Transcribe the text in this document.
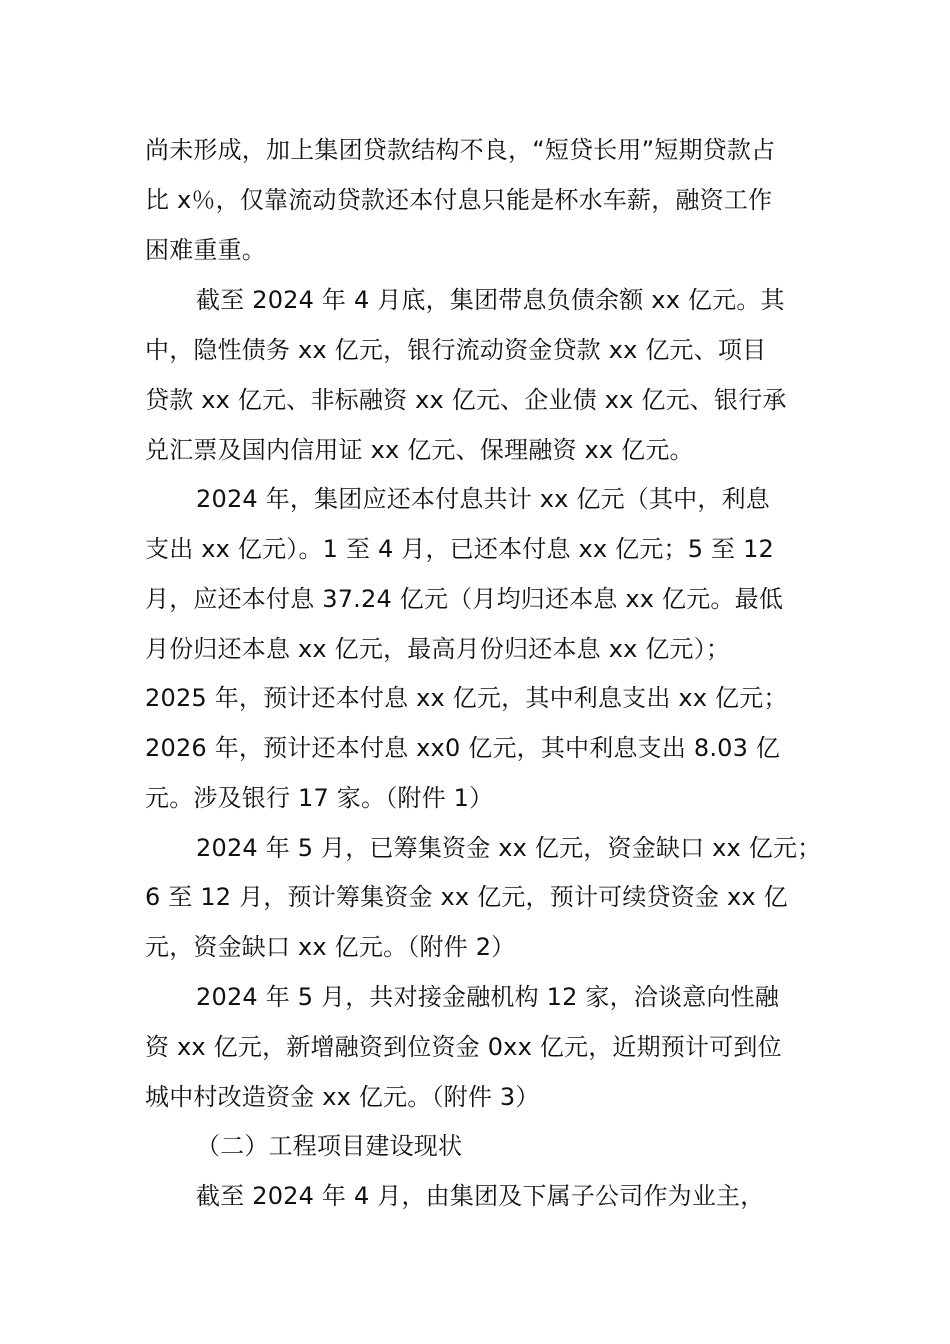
尚未形成，加上集团贷款结构不良，“短贷长用”短期贷款占
比 x％，仅靠流动贷款还本付息只能是杯水车薪，融资工作
困难重重。
截至 2024 年 4 月底，集团带息负债余额 xx 亿元。其
中，隐性债务 xx 亿元，银行流动资金贷款 xx 亿元、项目
贷款 xx 亿元、非标融资 xx 亿元、企业债 xx 亿元、银行承
兑汇票及国内信用证 xx 亿元、保理融资 xx 亿元。
2024 年，集团应还本付息共计 xx 亿元（其中，利息
支出 xx 亿元）。1 至 4 月，已还本付息 xx 亿元；5 至 12
月，应还本付息 37.24 亿元（月均归还本息 xx 亿元。最低
月份归还本息 xx 亿元，最高月份归还本息 xx 亿元）；
2025 年，预计还本付息 xx 亿元，其中利息支出 xx 亿元；
2026 年，预计还本付息 xx0 亿元，其中利息支出 8.03 亿
元。涉及银行 17 家。（附件 1）
2024 年 5 月，已筹集资金 xx 亿元，资金缺口 xx 亿元；
6 至 12 月，预计筹集资金 xx 亿元，预计可续贷资金 xx 亿
元，资金缺口 xx 亿元。（附件 2）
2024 年 5 月，共对接金融机构 12 家，洽谈意向性融
资 xx 亿元，新增融资到位资金 0xx 亿元，近期预计可到位
城中村改造资金 xx 亿元。（附件 3）
（二）工程项目建设现状
截至 2024 年 4 月，由集团及下属子公司作为业主，
